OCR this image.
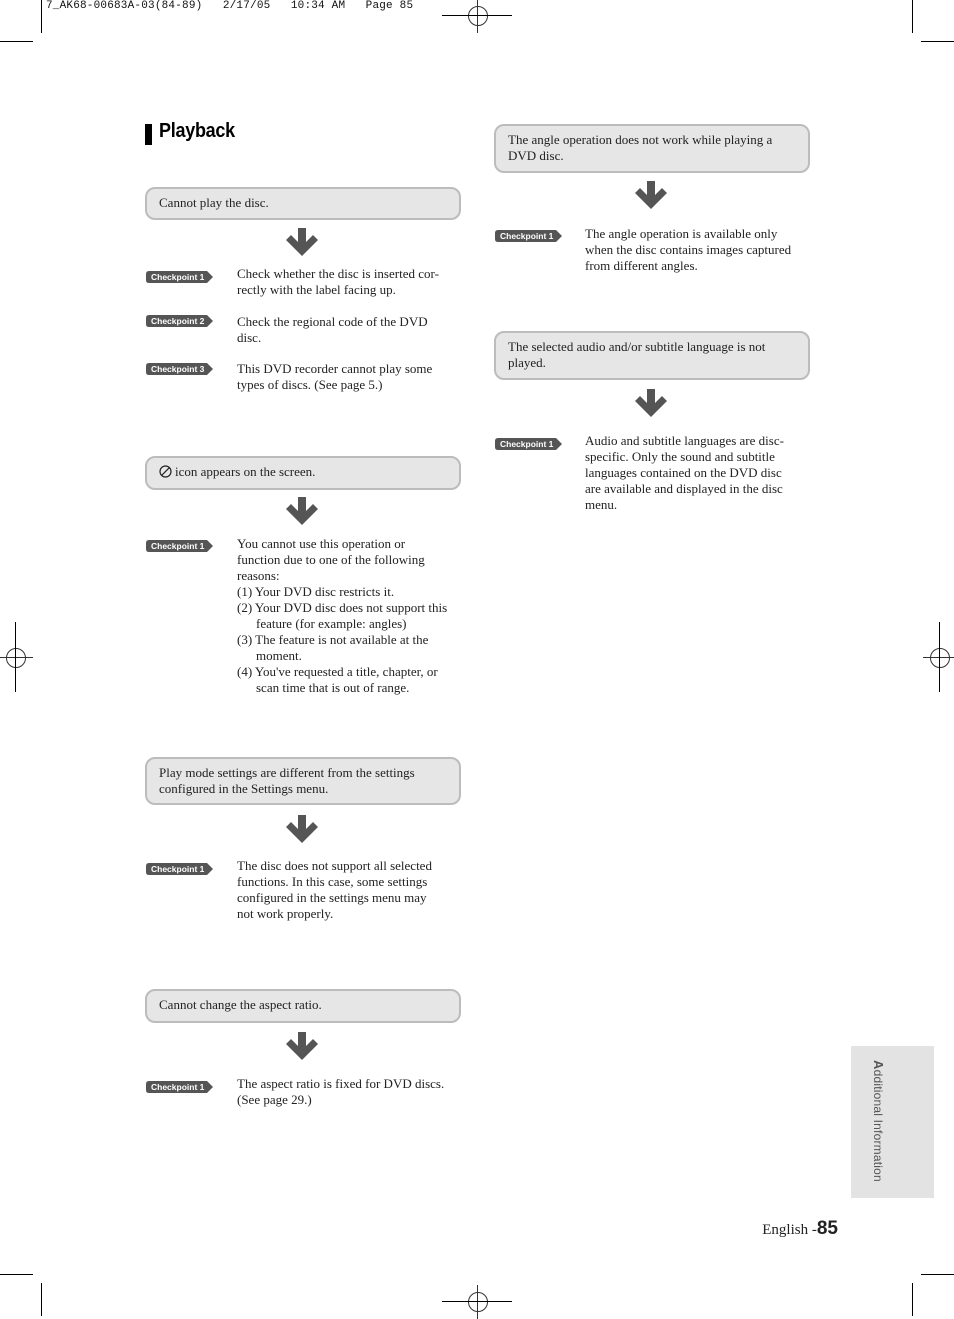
7_AK68-00683A-03(84-89)   2/17/05   10:34 AM   Page 85
Playback
Cannot play the disc.
Checkpoint 1	Check whether the disc is inserted cor-

rectly with the label facing up.

Checkpoint 2	Check the regional code of the DVD

disc.

Checkpoint 3	This DVD recorder cannot play some

types of discs. (See page 5.)

icon appears on the screen.
Checkpoint 1	You cannot use this operation or

function due to one of the following

reasons:

(1) Your DVD disc restricts it.

(2) Your DVD disc does not support this feature (for example: angles)

(3) The feature is not available at the moment.

(4) You've requested a title, chapter, or scan time that is out of range.

Play mode settings are different from the settings
configured in the Settings menu.
Checkpoint 1	The disc does not support all selected

functions. In this case, some settings

configured in the settings menu may

not work properly.

Cannot change the aspect ratio.
Checkpoint 1	The aspect ratio is fixed for DVD discs.

(See page 29.)

The angle operation does not work while playing a
DVD disc.
Checkpoint 1 The angle operation is available only

when the disc contains images captured

from different angles.

The selected audio and/or subtitle language is not
played.
Checkpoint 1 Audio and subtitle languages are disc-

specific. Only the sound and subtitle

languages contained on the DVD disc

are available and displayed in the disc

menu.

Additional Information
English -85
